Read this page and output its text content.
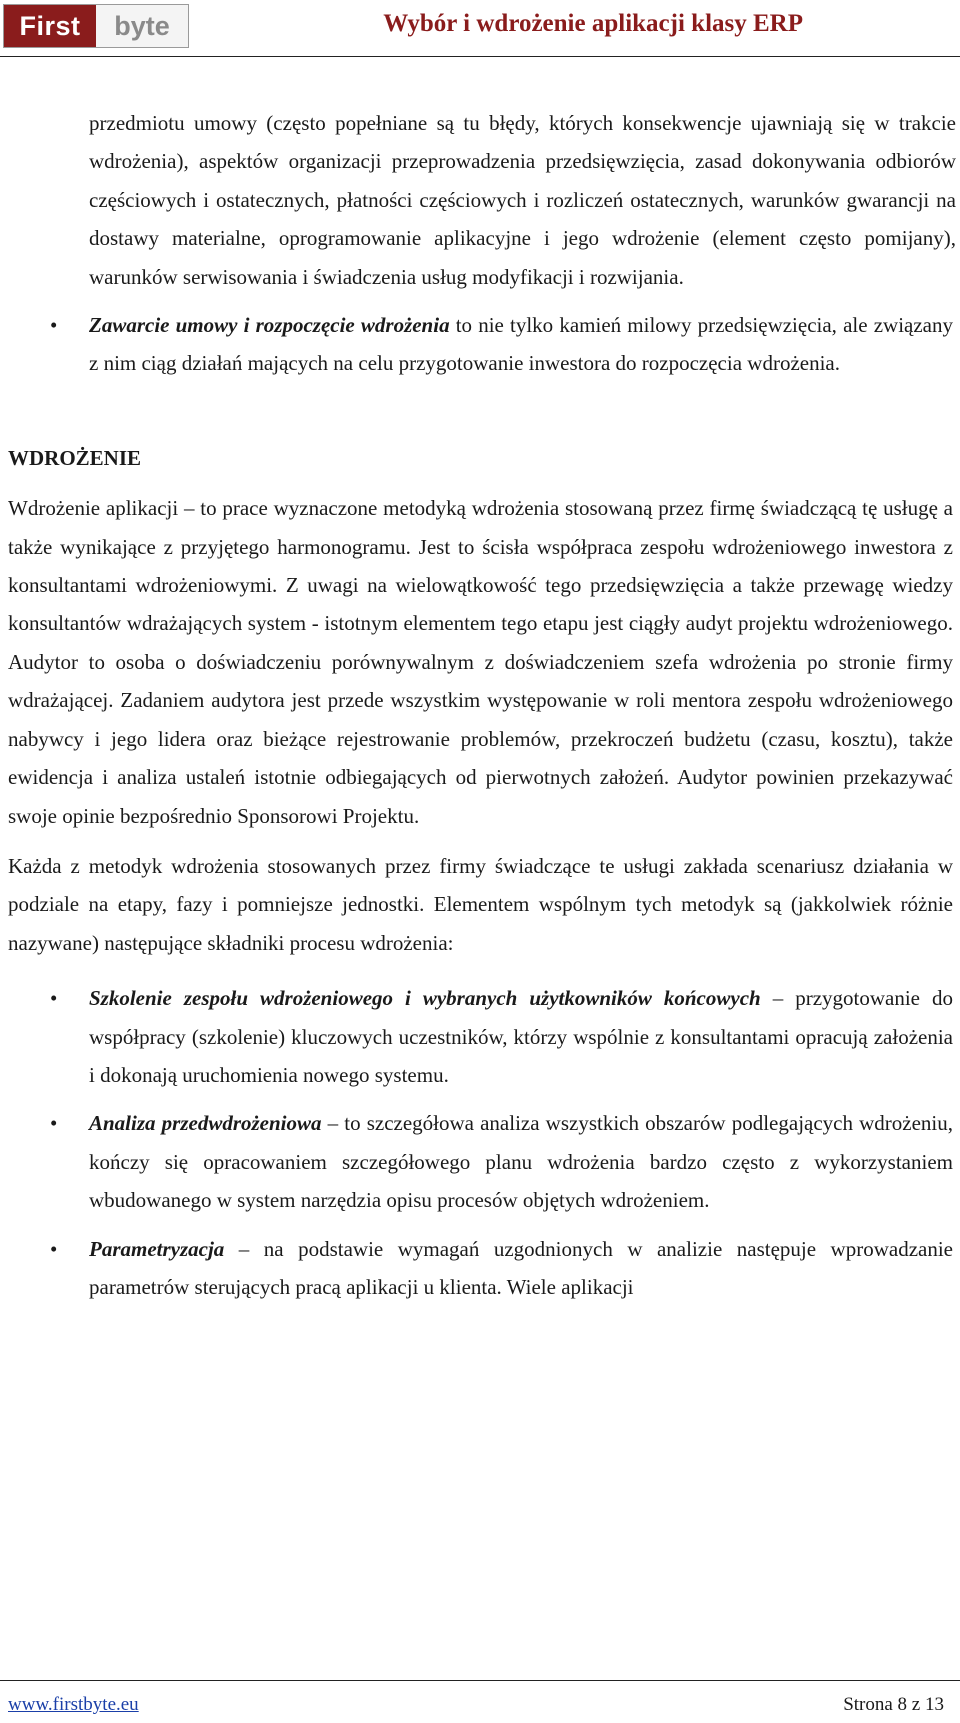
First	byte	Wybór i wdrożenie aplikacji klasy ERP

przedmiotu umowy (często popełniane są tu błędy, których konsekwencje ujawniają się w trakcie wdrożenia), aspektów organizacji przeprowadzenia przedsięwzięcia, zasad dokonywania odbiorów częściowych i ostatecznych, płatności częściowych i rozliczeń ostatecznych, warunków gwarancji na dostawy materialne, oprogramowanie aplikacyjne i jego wdrożenie (element często pomijany), warunków serwisowania i świadczenia usług modyfikacji i rozwijania.

• Zawarcie umowy i rozpoczęcie wdrożenia to nie tylko kamień milowy przedsięwzięcia, ale związany z nim ciąg działań mających na celu przygotowanie inwestora do rozpoczęcia wdrożenia.
WDROŻENIE

Wdrożenie aplikacji – to prace wyznaczone metodyką wdrożenia stosowaną przez firmę świadczącą tę usługę a także wynikające z przyjętego harmonogramu. Jest to ścisła współpraca zespołu wdrożeniowego inwestora z konsultantami wdrożeniowymi. Z uwagi na wielowątkowość tego przedsięwzięcia a także przewagę wiedzy konsultantów wdrażających system - istotnym elementem tego etapu jest ciągły audyt projektu wdrożeniowego. Audytor to osoba o doświadczeniu porównywalnym z doświadczeniem szefa wdrożenia po stronie firmy wdrażającej. Zadaniem audytora jest przede wszystkim występowanie w roli mentora zespołu wdrożeniowego nabywcy i jego lidera oraz bieżące rejestrowanie problemów, przekroczeń budżetu (czasu, kosztu), także ewidencja i analiza ustaleń istotnie odbiegających od pierwotnych założeń. Audytor powinien przekazywać swoje opinie bezpośrednio Sponsorowi Projektu.

Każda z metodyk wdrożenia stosowanych przez firmy świadczące te usługi zakłada scenariusz działania w podziale na etapy, fazy i pomniejsze jednostki. Elementem wspólnym tych metodyk są (jakkolwiek różnie nazywane) następujące składniki procesu wdrożenia:

• Szkolenie zespołu wdrożeniowego i wybranych użytkowników końcowych – przygotowanie do współpracy (szkolenie) kluczowych uczestników, którzy wspólnie z konsultantami opracują założenia i dokonają uruchomienia nowego systemu.
• Analiza przedwdrożeniowa – to szczegółowa analiza wszystkich obszarów podlegających wdrożeniu, kończy się opracowaniem szczegółowego planu wdrożenia bardzo często z wykorzystaniem wbudowanego w system narzędzia opisu procesów objętych wdrożeniem.
• Parametryzacja – na podstawie wymagań uzgodnionych w analizie następuje wprowadzanie parametrów sterujących pracą aplikacji u klienta. Wiele aplikacji
www.firstbyte.eu	Strona 8 z 13
